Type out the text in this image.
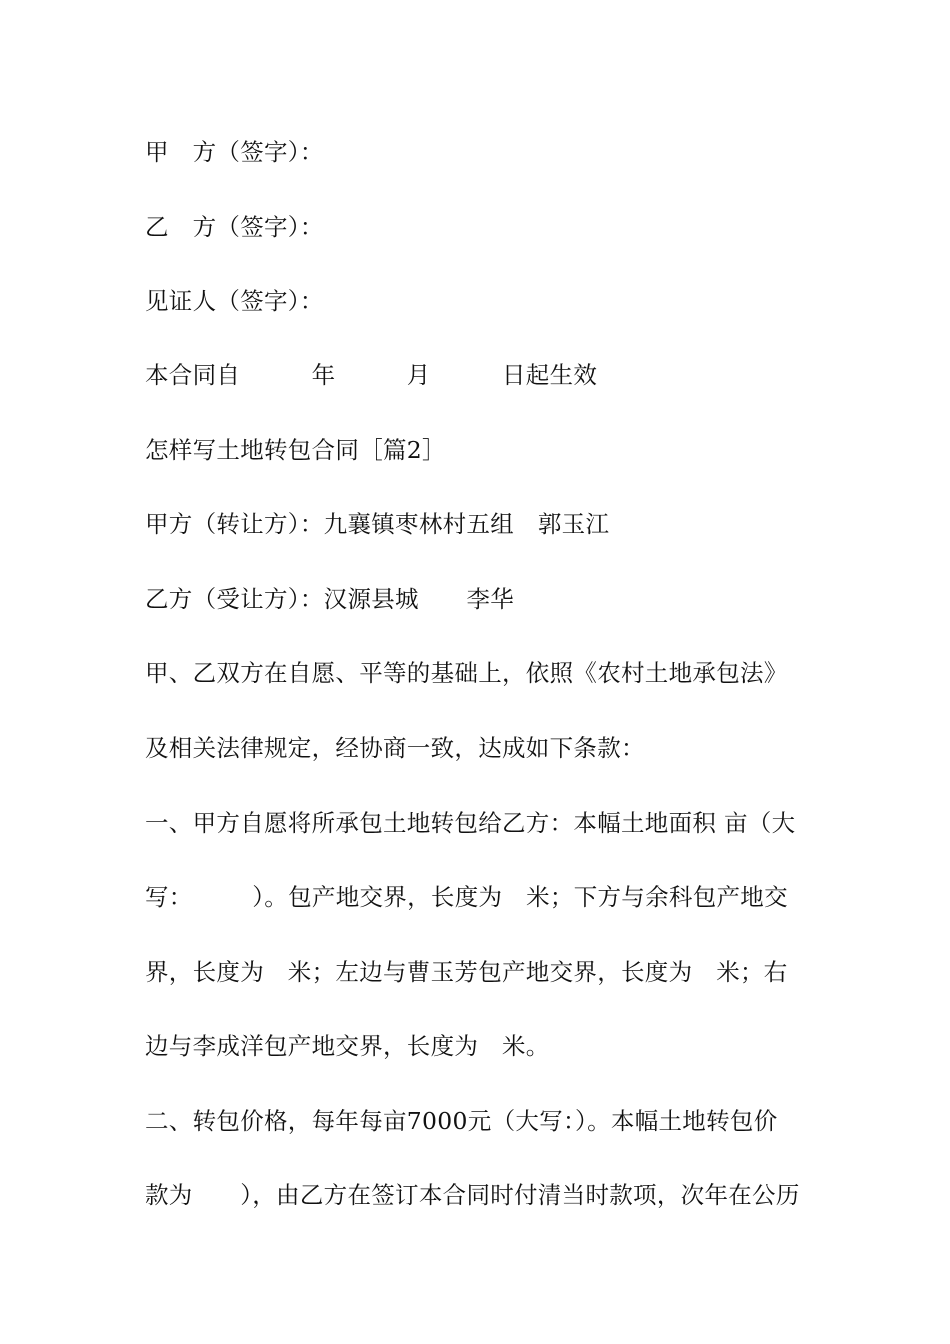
甲　方（签字）：
乙　方（签字）：
见证人（签字）：
本合同自　　　年　　　月　　　日起生效
怎样写土地转包合同［篇2］
甲方（转让方）：九襄镇枣林村五组　郭玉江
乙方（受让方）：汉源县城　　李华
甲、乙双方在自愿、平等的基础上，依照《农村土地承包法》
及相关法律规定，经协商一致，达成如下条款：
一、甲方自愿将所承包土地转包给乙方：本幅土地面积 亩（大
写：　　　）。包产地交界，长度为　米；下方与余科包产地交
界，长度为　米；左边与曹玉芳包产地交界，长度为　米；右
边与李成洋包产地交界，长度为　米。
二、转包价格，每年每亩7000元（大写：）。本幅土地转包价
款为　　），由乙方在签订本合同时付清当时款项，次年在公历
